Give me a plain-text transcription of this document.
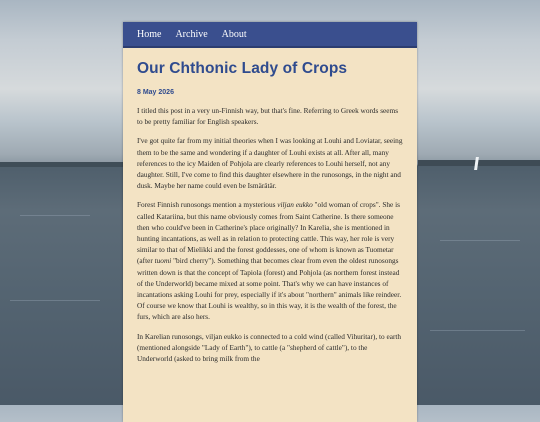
Home Archive About
Our Chthonic Lady of Crops
8 May 2026

I titled this post in a very un-Finnish way, but that's fine. Referring to Greek words seems to be pretty familiar for English speakers.

I've got quite far from my initial theories when I was looking at Louhi and Loviatar, seeing them to be the same and wondering if a daughter of Louhi exists at all. After all, many references to the icy Maiden of Pohjola are clearly references to Louhi herself, not any daughter. Still, I've come to find this daughter elsewhere in the runosongs, in the night and dusk. Maybe her name could even be Ismärätär.

Forest Finnish runosongs mention a mysterious viljan eukko "old woman of crops". She is called Katariina, but this name obviously comes from Saint Catherine. Is there someone then who could've been in Catherine's place originally? In Karelia, she is mentioned in hunting incantations, as well as in relation to protecting cattle. This way, her role is very similar to that of Mielikki and the forest goddesses, one of whom is known as Tuometar (after tuomi "bird cherry"). Something that becomes clear from even the oldest runosongs written down is that the concept of Tapiola (forest) and Pohjola (as northern forest instead of the Underworld) became mixed at some point. That's why we can have instances of incantations asking Louhi for prey, especially if it's about "northern" animals like reindeer. Of course we know that Louhi is wealthy, so in this way, it is the wealth of the forest, the furs, which are also hers.

In Karelian runosongs, viljan eukko is connected to a cold wind (called Vihuritar), to earth (mentioned alongside "Lady of Earth"), to cattle (a "shepherd of cattle"), to the Underworld (asked to bring milk from the
